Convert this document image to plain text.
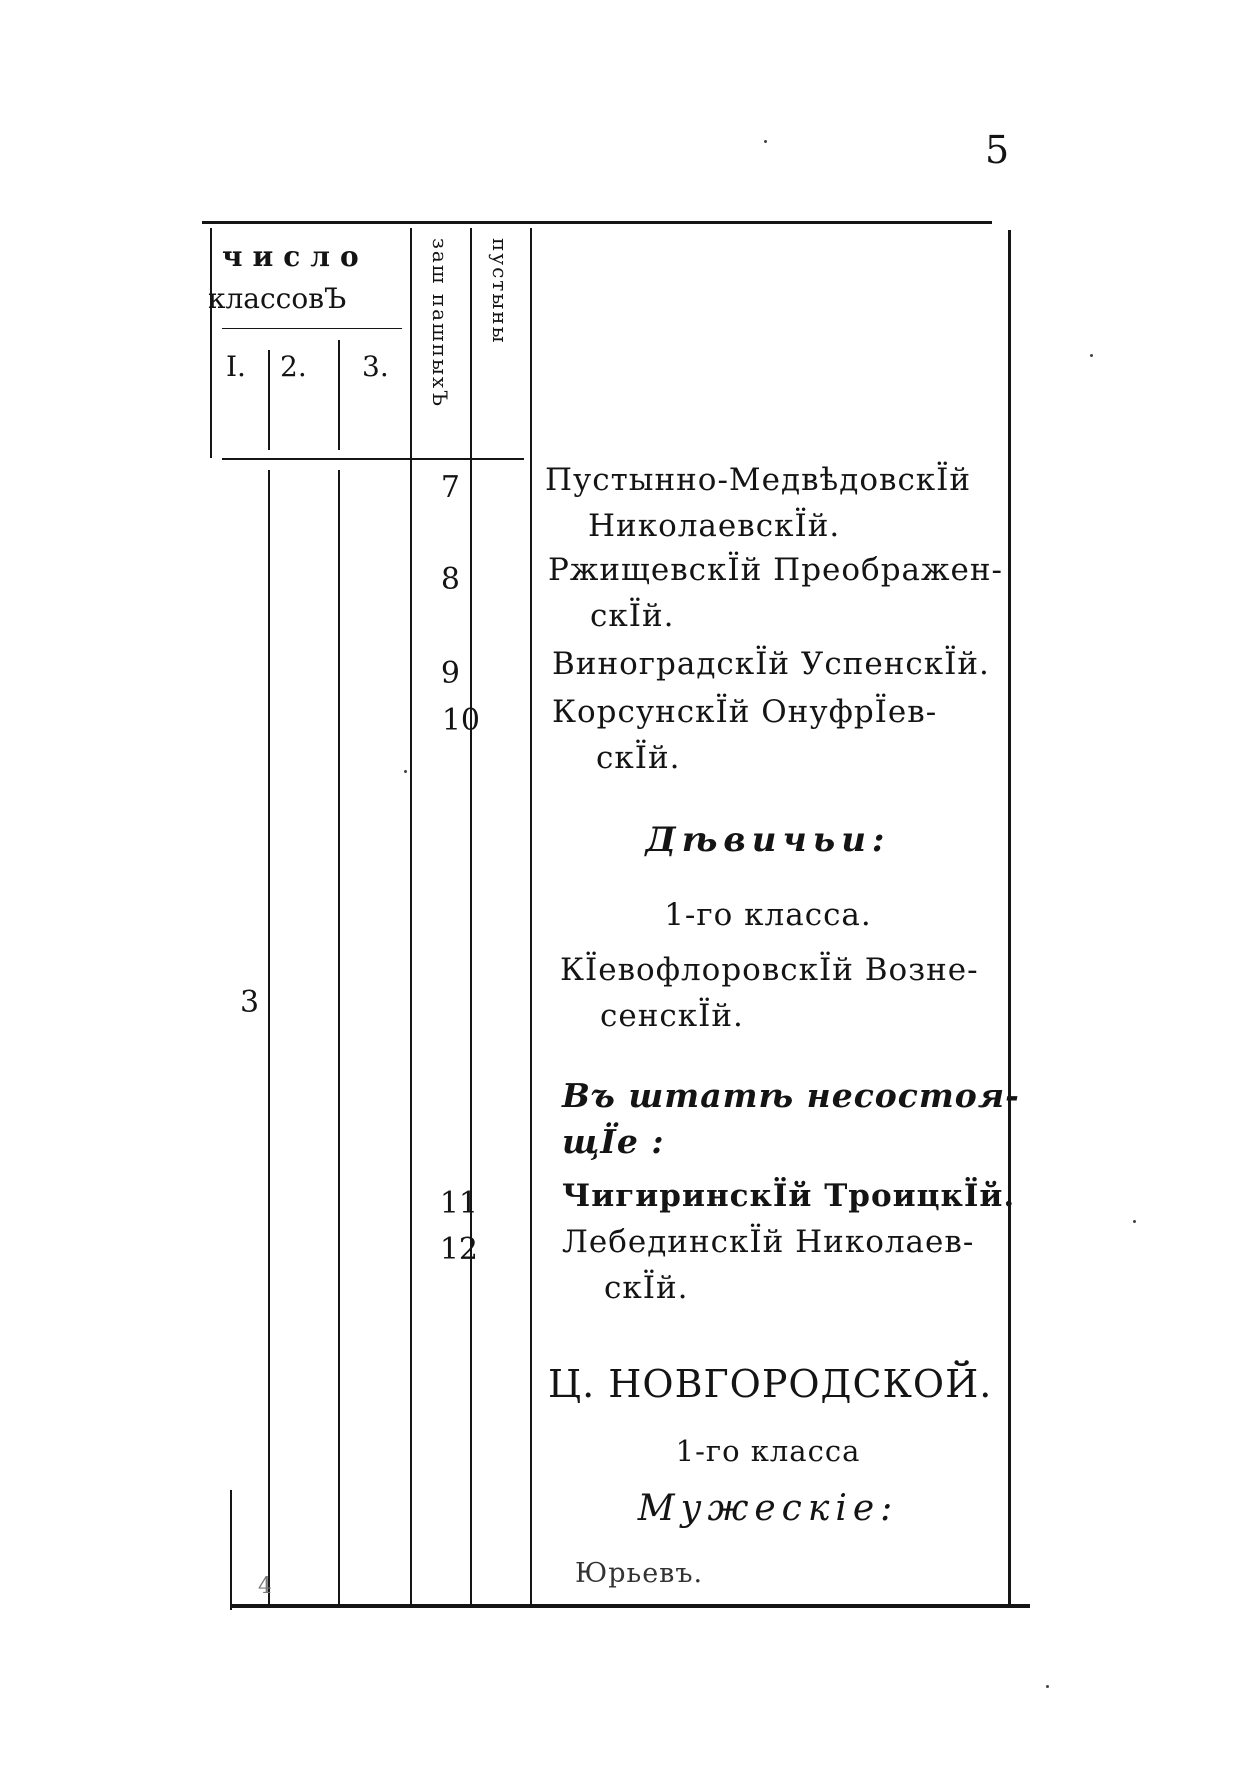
5
число
классовЪ
I. 2. 3. заш пашпыхЪ пустыны
3
4
7	Пустынно-МедвѣдовскЇй
НиколаевскЇй.
8	РжищевскЇй Преображен-
скЇй.
9	ВиноградскЇй УспенскЇй.
10 КорсунскЇй ОнуфрЇев-
скЇй.
Дѣвичьи:
1-го класса.
КЇевофлоровскЇй Возне-
сенскЇй.
Въ штатѣ несостоя-
щЇе :
11	ЧигиринскЇй ТроицкЇй.
12	ЛебединскЇй Николаев-
скЇй.
Ц. НОВГОРОДСКОЙ.
1-го класса
Мужескіе:
Юрьевъ.
